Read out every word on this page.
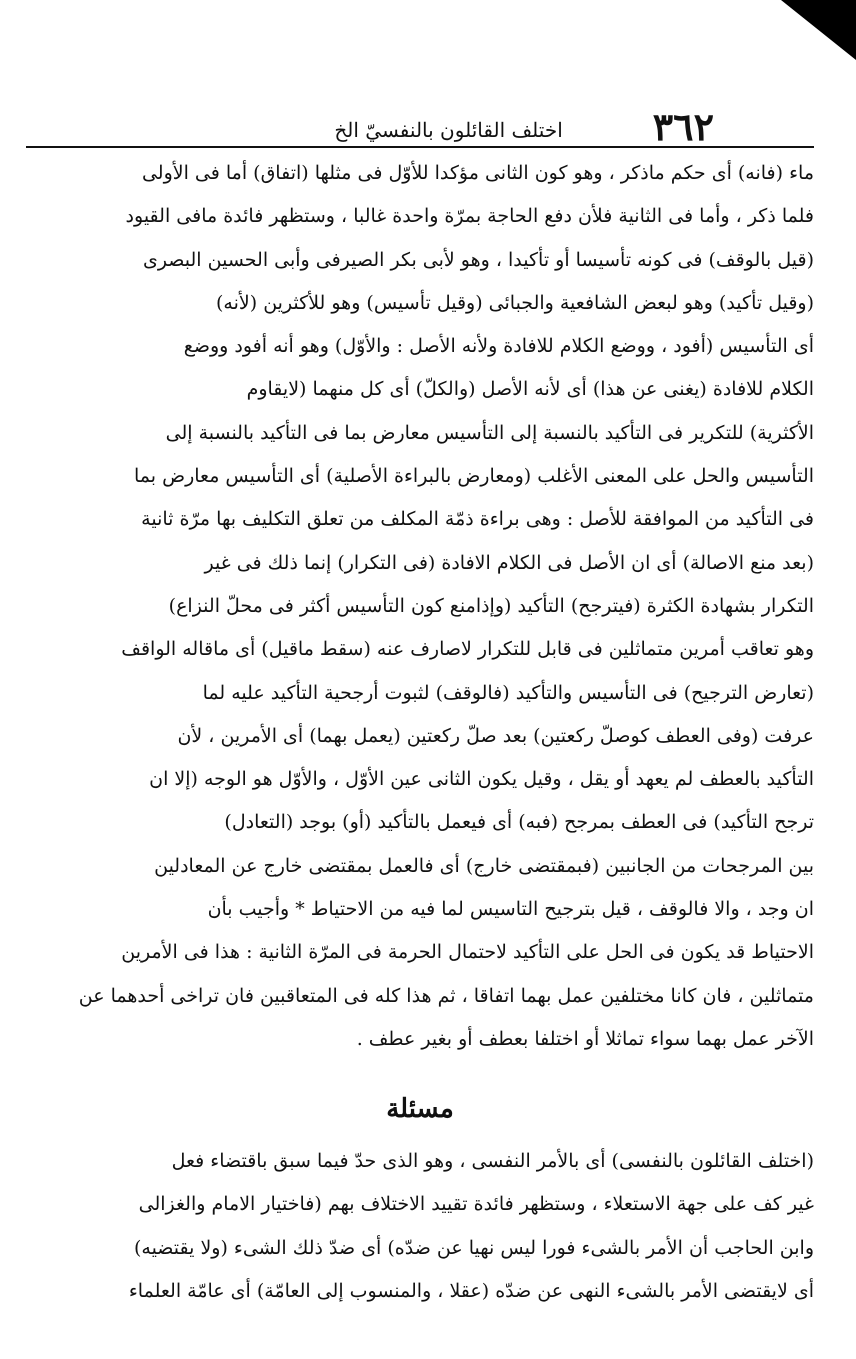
٣٦٢
اختلف القائلون بالنفسيّ الخ
ماء (فانه) أى حكم ماذكر ، وهو كون الثانى مؤكدا للأوّل فى مثلها (اتفاق) أما فى الأولى
فلما ذكر ، وأما فى الثانية فلأن دفع الحاجة بمرّة واحدة غالبا ، وستظهر فائدة مافى القيود
(قيل بالوقف) فى كونه تأسيسا أو تأكيدا ، وهو لأبى بكر الصيرفى وأبى الحسين البصرى
(وقيل تأكيد) وهو لبعض الشافعية والجبائى (وقيل تأسيس) وهو للأكثرين (لأنه)
أى التأسيس (أفود ، ووضع الكلام للافادة ولأنه الأصل : والأوّل) وهو أنه أفود ووضع
الكلام للافادة (يغنى عن هذا) أى لأنه الأصل (والكلّ) أى كل منهما (لايقاوم
الأكثرية) للتكرير فى التأكيد بالنسبة إلى التأسيس معارض بما فى التأكيد بالنسبة إلى
التأسيس والحل على المعنى الأغلب (ومعارض بالبراءة الأصلية) أى التأسيس معارض بما
فى التأكيد من الموافقة للأصل : وهى براءة ذمّة المكلف من تعلق التكليف بها مرّة ثانية
(بعد منع الاصالة) أى ان الأصل فى الكلام الافادة (فى التكرار) إنما ذلك فى غير
التكرار بشهادة الكثرة (فيترجح) التأكيد (وإذامنع كون التأسيس أكثر فى محلّ النزاع)
وهو تعاقب أمرين متماثلين فى قابل للتكرار لاصارف عنه (سقط ماقيل) أى ماقاله الواقف
(تعارض الترجيح) فى التأسيس والتأكيد (فالوقف) لثبوت أرجحية التأكيد عليه لما
عرفت (وفى العطف كوصلّ ركعتين) بعد صلّ ركعتين (يعمل بهما) أى الأمرين ، لأن
التأكيد بالعطف لم يعهد أو يقل ، وقيل يكون الثانى عين الأوّل ، والأوّل هو الوجه (إلا ان
ترجح التأكيد) فى العطف بمرجح (فبه) أى فيعمل بالتأكيد (أو) بوجد (التعادل)
بين المرجحات من الجانبين (فبمقتضى خارج) أى فالعمل بمقتضى خارج عن المعادلين
ان وجد ، والا فالوقف ، قيل بترجيح التاسيس لما فيه من الاحتياط * وأجيب بأن
الاحتياط قد يكون فى الحل على التأكيد لاحتمال الحرمة فى المرّة الثانية : هذا فى الأمرين
متماثلين ، فان كانا مختلفين عمل بهما اتفاقا ، ثم هذا كله فى المتعاقبين فان تراخى أحدهما عن
الآخر عمل بهما سواء تماثلا أو اختلفا بعطف أو بغير عطف .
مسئلة
(اختلف القائلون بالنفسى) أى بالأمر النفسى ، وهو الذى حدّ فيما سبق باقتضاء فعل
غير كف على جهة الاستعلاء ، وستظهر فائدة تقييد الاختلاف بهم (فاختيار الامام والغزالى
وابن الحاجب أن الأمر بالشىء فورا ليس نهيا عن ضدّه) أى ضدّ ذلك الشىء (ولا يقتضيه)
أى لايقتضى الأمر بالشىء النهى عن ضدّه (عقلا ، والمنسوب إلى العامّة) أى عامّة العلماء
